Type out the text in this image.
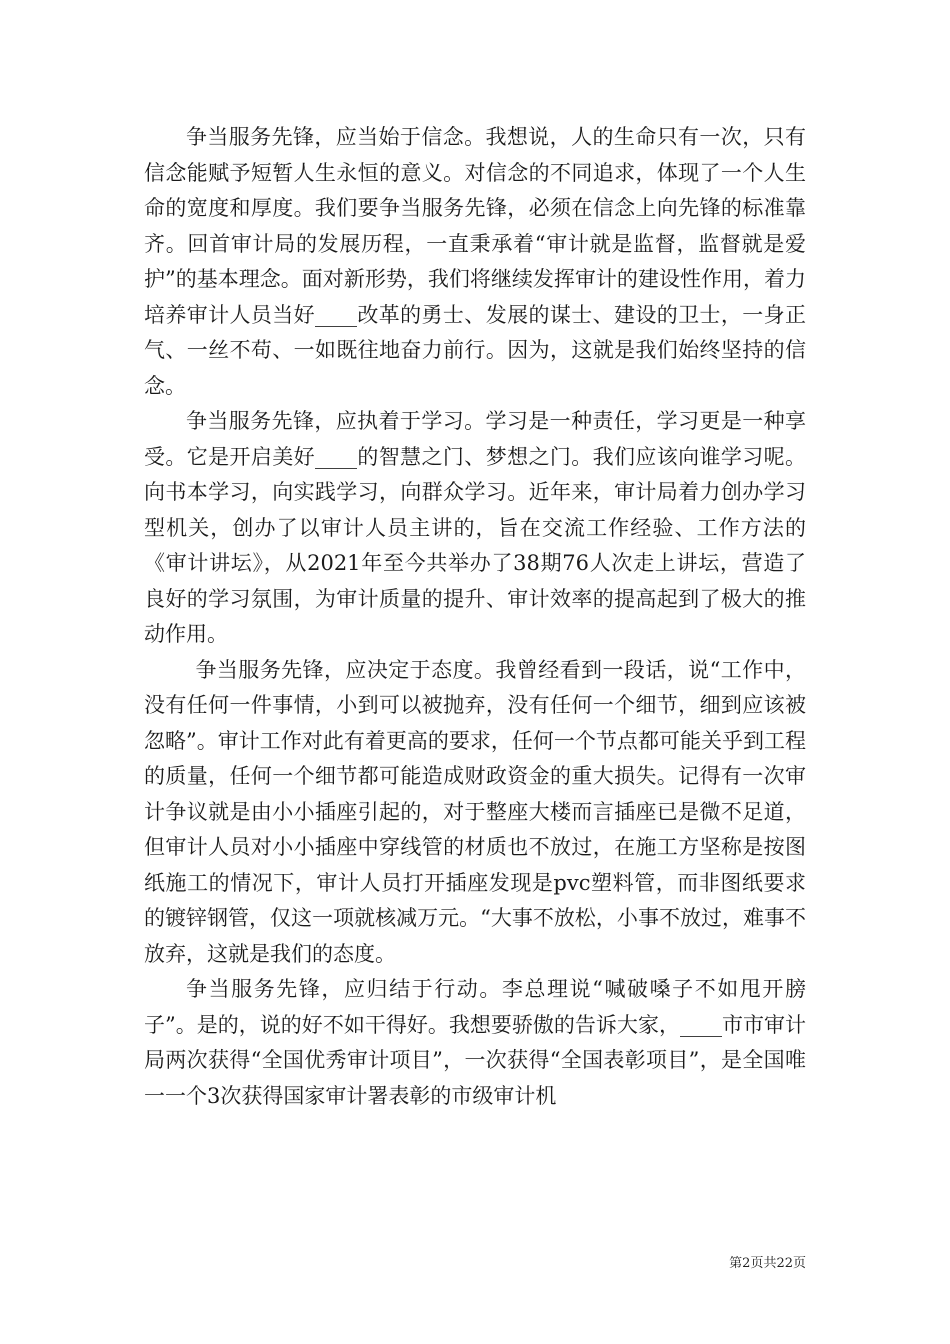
争当服务先锋，应当始于信念。我想说，人的生命只有一次，只有信念能赋予短暂人生永恒的意义。对信念的不同追求，体现了一个人生命的宽度和厚度。我们要争当服务先锋，必须在信念上向先锋的标准靠齐。回首审计局的发展历程，一直秉承着“审计就是监督，监督就是爱护”的基本理念。面对新形势，我们将继续发挥审计的建设性作用，着力培养审计人员当好____改革的勇士、发展的谋士、建设的卫士，一身正气、一丝不苟、一如既往地奋力前行。因为，这就是我们始终坚持的信念。

争当服务先锋，应执着于学习。学习是一种责任，学习更是一种享受。它是开启美好____的智慧之门、梦想之门。我们应该向谁学习呢。向书本学习，向实践学习，向群众学习。近年来，审计局着力创办学习型机关，创办了以审计人员主讲的，旨在交流工作经验、工作方法的《审计讲坛》，从2021年至今共举办了38期76人次走上讲坛，营造了良好的学习氛围，为审计质量的提升、审计效率的提高起到了极大的推动作用。

争当服务先锋，应决定于态度。我曾经看到一段话，说“工作中，没有任何一件事情，小到可以被抛弃，没有任何一个细节，细到应该被忽略”。审计工作对此有着更高的要求，任何一个节点都可能关乎到工程的质量，任何一个细节都可能造成财政资金的重大损失。记得有一次审计争议就是由小小插座引起的，对于整座大楼而言插座已是微不足道，但审计人员对小小插座中穿线管的材质也不放过，在施工方坚称是按图纸施工的情况下，审计人员打开插座发现是pvc塑料管，而非图纸要求的镀锌钢管，仅这一项就核减万元。“大事不放松，小事不放过，难事不放弃，这就是我们的态度。

争当服务先锋，应归结于行动。李总理说“喊破嗓子不如甩开膀子”。是的，说的好不如干得好。我想要骄傲的告诉大家，____市市审计局两次获得“全国优秀审计项目”，一次获得“全国表彰项目”，是全国唯一一个3次获得国家审计署表彰的市级审计机

第2页共22页
